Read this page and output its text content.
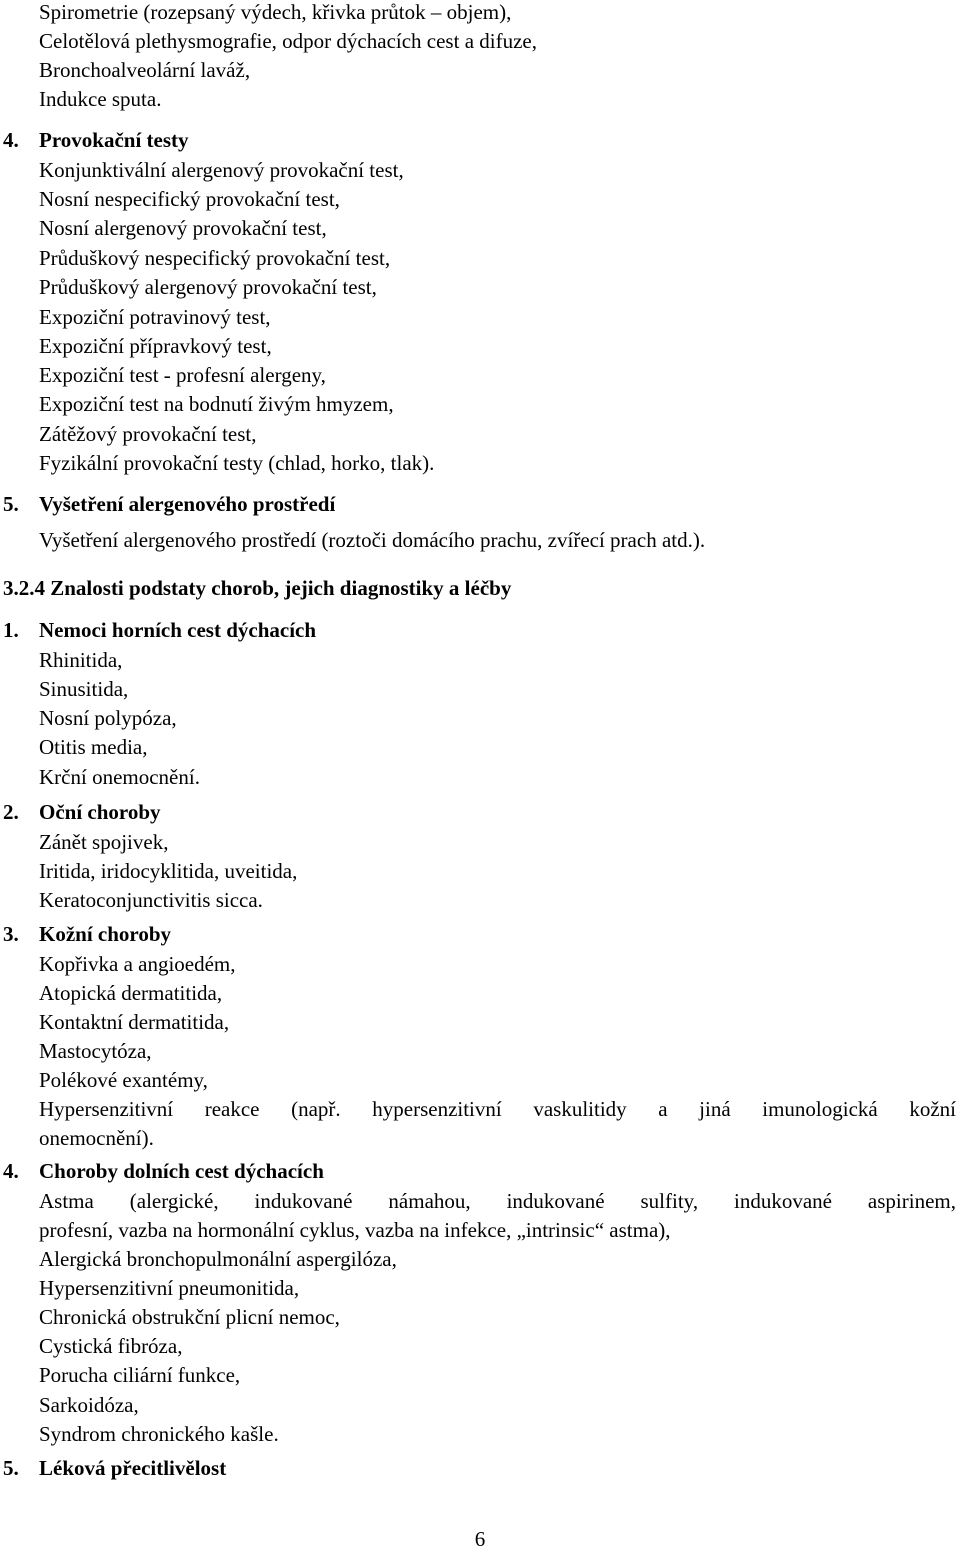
Spirometrie (rozepsaný výdech, křivka průtok – objem),
Celotělová plethysmografie, odpor dýchacích cest a difuze,
Bronchoalveolární laváž,
Indukce sputa.
4. Provokační testy
Konjunktivální alergenový provokační test,
Nosní nespecifický provokační test,
Nosní alergenový provokační test,
Průduškový nespecifický provokační test,
Průduškový alergenový provokační test,
Expoziční potravinový test,
Expoziční přípravkový test,
Expoziční test - profesní alergeny,
Expoziční test na bodnutí živým hmyzem,
Zátěžový provokační test,
Fyzikální provokační testy (chlad, horko, tlak).
5. Vyšetření alergenového prostředí
Vyšetření alergenového prostředí (roztoči domácího prachu, zvířecí prach atd.).
3.2.4 Znalosti podstaty chorob, jejich diagnostiky a léčby
1. Nemoci horních cest dýchacích
Rhinitida,
Sinusitida,
Nosní polypóza,
Otitis media,
Krční onemocnění.
2. Oční choroby
Zánět spojivek,
Iritida, iridocyklitida, uveitida,
Keratoconjunctivitis sicca.
3. Kožní choroby
Kopřivka a angioedém,
Atopická dermatitida,
Kontaktní dermatitida,
Mastocytóza,
Polékové exantémy,
Hypersenzitivní reakce (např. hypersenzitivní vaskulitidy a jiná imunologická kožní
onemocnění).
4. Choroby dolních cest dýchacích
Astma (alergické, indukované námahou, indukované sulfity, indukované aspirinem,
profesní, vazba na hormonální cyklus, vazba na infekce, „intrinsic“ astma),
Alergická bronchopulmonální aspergilóza,
Hypersenzitivní pneumonitida,
Chronická obstrukční plicní nemoc,
Cystická fibróza,
Porucha ciliární funkce,
Sarkoidóza,
Syndrom chronického kašle.
5. Léková přecitlivělost
6
